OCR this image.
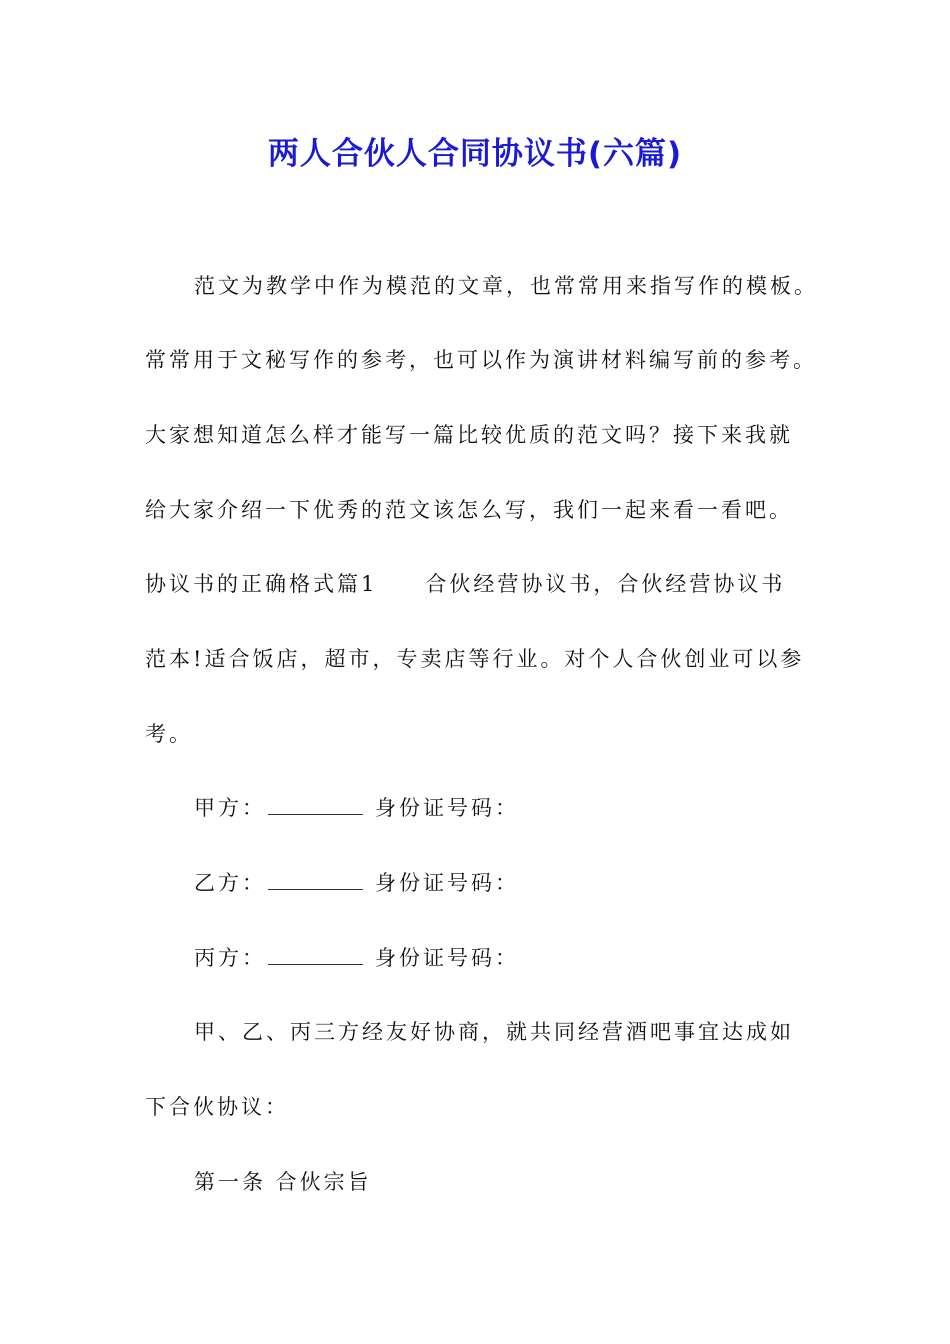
两人合伙人合同协议书(六篇)

范文为教学中作为模范的文章，也常常用来指写作的模板。

常常用于文秘写作的参考，也可以作为演讲材料编写前的参考。

大家想知道怎么样才能写一篇比较优质的范文吗？接下来我就

给大家介绍一下优秀的范文该怎么写，我们一起来看一看吧。

协议书的正确格式篇1　　合伙经营协议书，合伙经营协议书

范本!适合饭店，超市，专卖店等行业。对个人合伙创业可以参

考。

甲方：	身份证号码：

乙方：	身份证号码：

丙方：	身份证号码：

甲、乙、丙三方经友好协商，就共同经营酒吧事宜达成如

下合伙协议：

第一条 合伙宗旨
